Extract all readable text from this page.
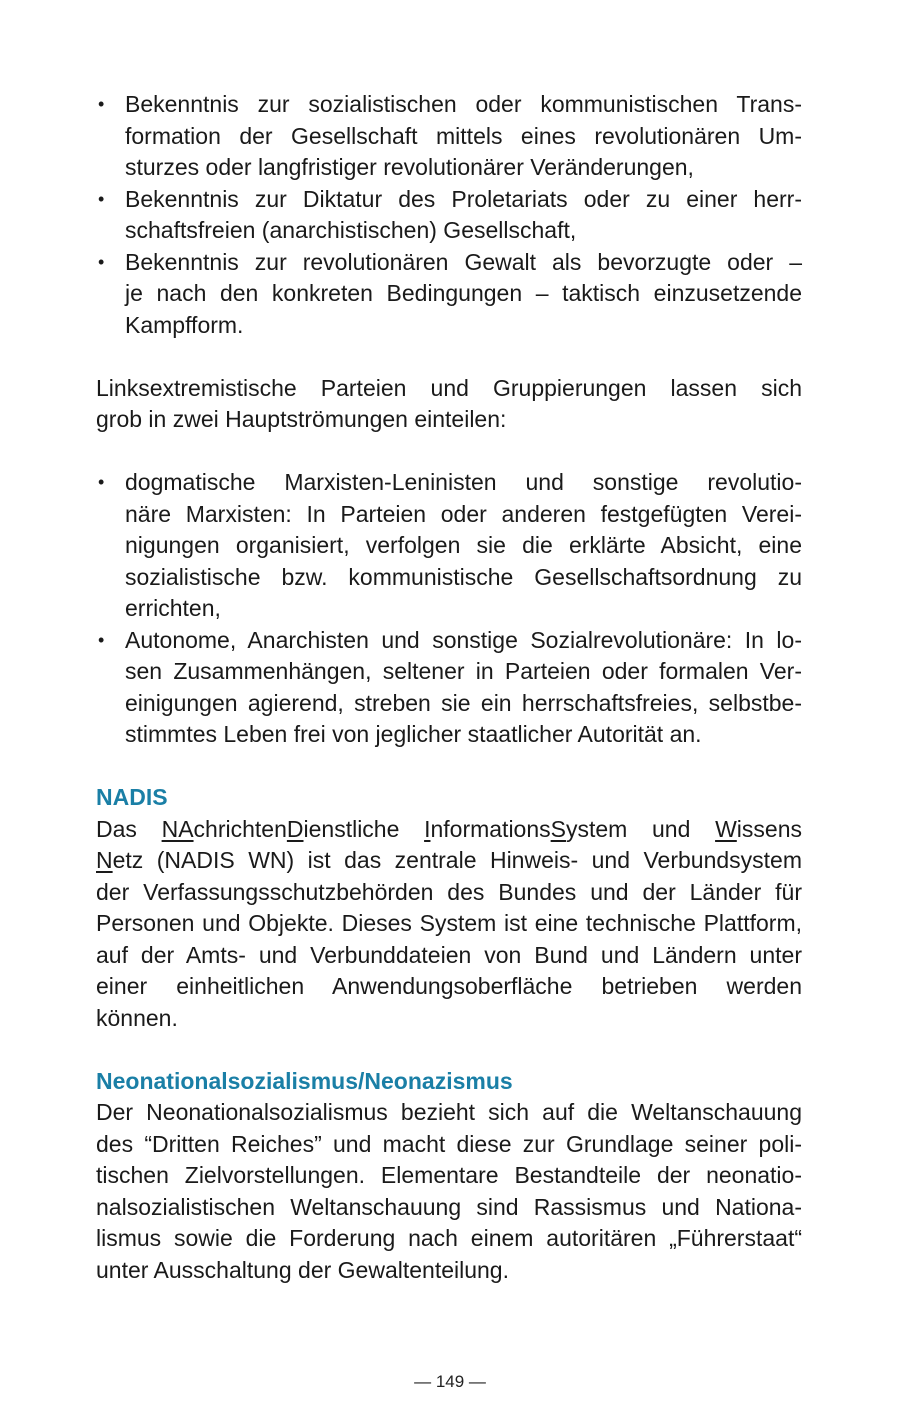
• Bekenntnis zur sozialistischen oder kommunistischen Trans-
formation der Gesellschaft mittels eines revolutionären Um-
sturzes oder langfristiger revolutionärer Veränderungen,
• Bekenntnis zur Diktatur des Proletariats oder zu einer herr-
schaftsfreien (anarchistischen) Gesellschaft,
• Bekenntnis zur revolutionären Gewalt als bevorzugte oder –
je nach den konkreten Bedingungen – taktisch einzusetzende
Kampfform.
Linksextremistische Parteien und Gruppierungen lassen sich
grob in zwei Hauptströmungen einteilen:
• dogmatische Marxisten-Leninisten und sonstige revolutio-
näre Marxisten: In Parteien oder anderen festgefügten Verei-
nigungen organisiert, verfolgen sie die erklärte Absicht, eine
sozialistische bzw. kommunistische Gesellschaftsordnung zu
errichten,
• Autonome, Anarchisten und sonstige Sozialrevolutionäre: In lo-
sen Zusammenhängen, seltener in Parteien oder formalen Ver-
einigungen agierend, streben sie ein herrschaftsfreies, selbstbe-
stimmtes Leben frei von jeglicher staatlicher Autorität an.
NADIS
Das NAchrichtenDienstliche InformationsSystem und Wissens
Netz (NADIS WN) ist das zentrale Hinweis- und Verbundsystem
der Verfassungsschutzbehörden des Bundes und der Länder für
Personen und Objekte. Dieses System ist eine technische Plattform,
auf der Amts- und Verbunddateien von Bund und Ländern unter
einer einheitlichen Anwendungsoberfläche betrieben werden
können.
Neonationalsozialismus/Neonazismus
Der Neonationalsozialismus bezieht sich auf die Weltanschauung
des “Dritten Reiches” und macht diese zur Grundlage seiner poli-
tischen Zielvorstellungen. Elementare Bestandteile der neonatio-
nalsozialistischen Weltanschauung sind Rassismus und Nationa-
lismus sowie die Forderung nach einem autoritären „Führerstaat“
unter Ausschaltung der Gewaltenteilung.
— 149 —
